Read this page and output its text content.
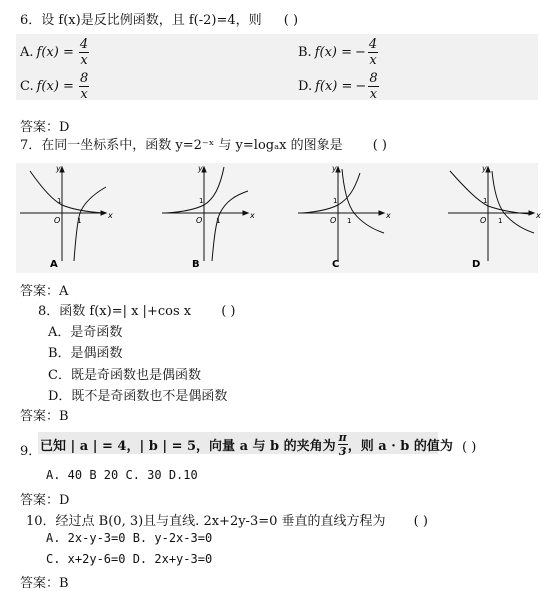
6．设 f(x)是反比例函数，且 f(-2)=4，则 ( )
A. $f(x) = \frac{4}{x}$	B. f(x) = − $\frac{4}{x}$
C. $f(x) = \frac{8}{x}$	D. f(x) = − $\frac{8}{x}$
答案：D
7．在同一坐标系中，函数 y=2⁻ˣ 与 y=logₐx 的图象是 ( )
y
x
O
1
1
A
y
x
O
1
1
B
y
x
O
1
1
C
y
x
O
1
1
D
答案：A
8．函数 f(x)=| x |+cos x ( )
A．是奇函数
B．是偶函数
C．既是奇函数也是偶函数
D．既不是奇函数也不是偶函数
答案：B
9．
已知 | a | = 4，| b | = 5，向量 a 与 b 的夹角为 $\frac{\pi}{3}$ ，则 a · b 的值为 ( )
A. 40 B 20 C. 30 D.10
答案：D
10．经过点 B(0, 3)且与直线. 2x+2y-3=0 垂直的直线方程为 ( )
A. 2x-y-3=0 B. y-2x-3=0
C. x+2y-6=0 D. 2x+y-3=0
答案：B
